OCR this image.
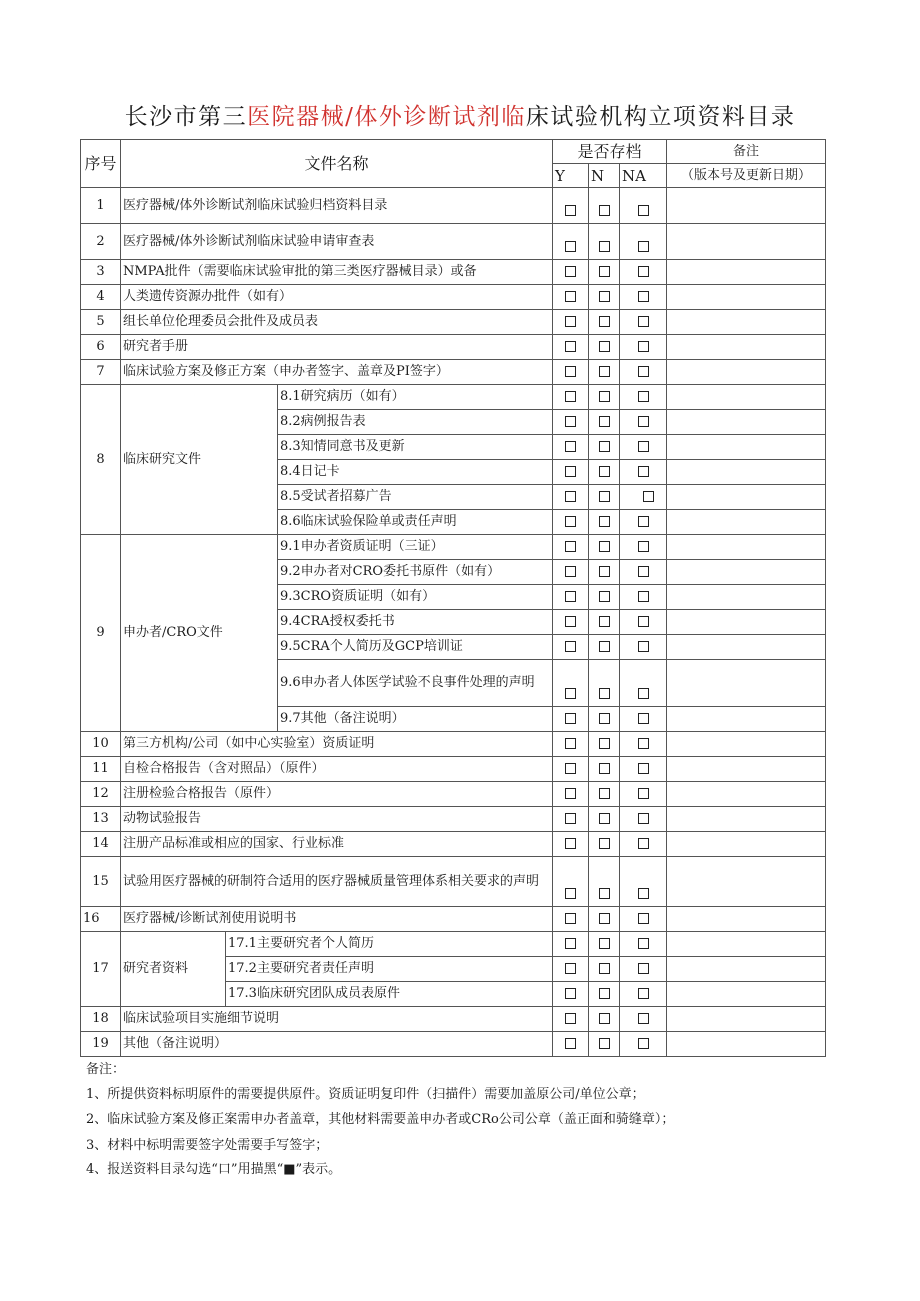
长沙市第三医院器械/体外诊断试剂临床试验机构立项资料目录
序号	文件名称			是否存档			备注
				Y	N	NA	（版本号及更新日期）
1	医疗器械/体外诊断试剂临床试验归档资料目录						
2	医疗器械/体外诊断试剂临床试验申请审查表						
3	NMPA批件（需要临床试验审批的第三类医疗器械目录）或备						
4	人类遗传资源办批件（如有）						
5	组长单位伦理委员会批件及成员表						
6	研究者手册						
7	临床试验方案及修正方案（申办者签字、盖章及PI签字）						
8	临床研究文件		8.1研究病历（如有）				
			8.2病例报告表				
			8.3知情同意书及更新				
			8.4日记卡				
			8.5受试者招募广告				
			8.6临床试验保险单或责任声明				
9	申办者/CRO文件		9.1申办者资质证明（三证）				
			9.2申办者对CRO委托书原件（如有）				
			9.3CRO资质证明（如有）				
			9.4CRA授权委托书				
			9.5CRA个人简历及GCP培训证				
			9.6申办者人体医学试验不良事件处理的声明				
			9.7其他（备注说明）				
10	第三方机构/公司（如中心实验室）资质证明						
11	自检合格报告（含对照品）（原件）						
12	注册检验合格报告（原件）						
13	动物试验报告						
14	注册产品标准或相应的国家、行业标准						
15	试验用医疗器械的研制符合适用的医疗器械质量管理体系相关要求的声明						
16	医疗器械/诊断试剂使用说明书						
17	研究者资料	17.1主要研究者个人简历					
		17.2主要研究者责任声明					
		17.3临床研究团队成员表原件					
18	临床试验项目实施细节说明						
19	其他（备注说明）						
备注：
1、所提供资料标明原件的需要提供原件。资质证明复印件（扫描件）需要加盖原公司/单位公章；
2、临床试验方案及修正案需申办者盖章，其他材料需要盖申办者或CRo公司公章（盖正面和骑缝章）；
3、材料中标明需要签字处需要手写签字；
4、报送资料目录勾选“口”用描黑“■”表示。
